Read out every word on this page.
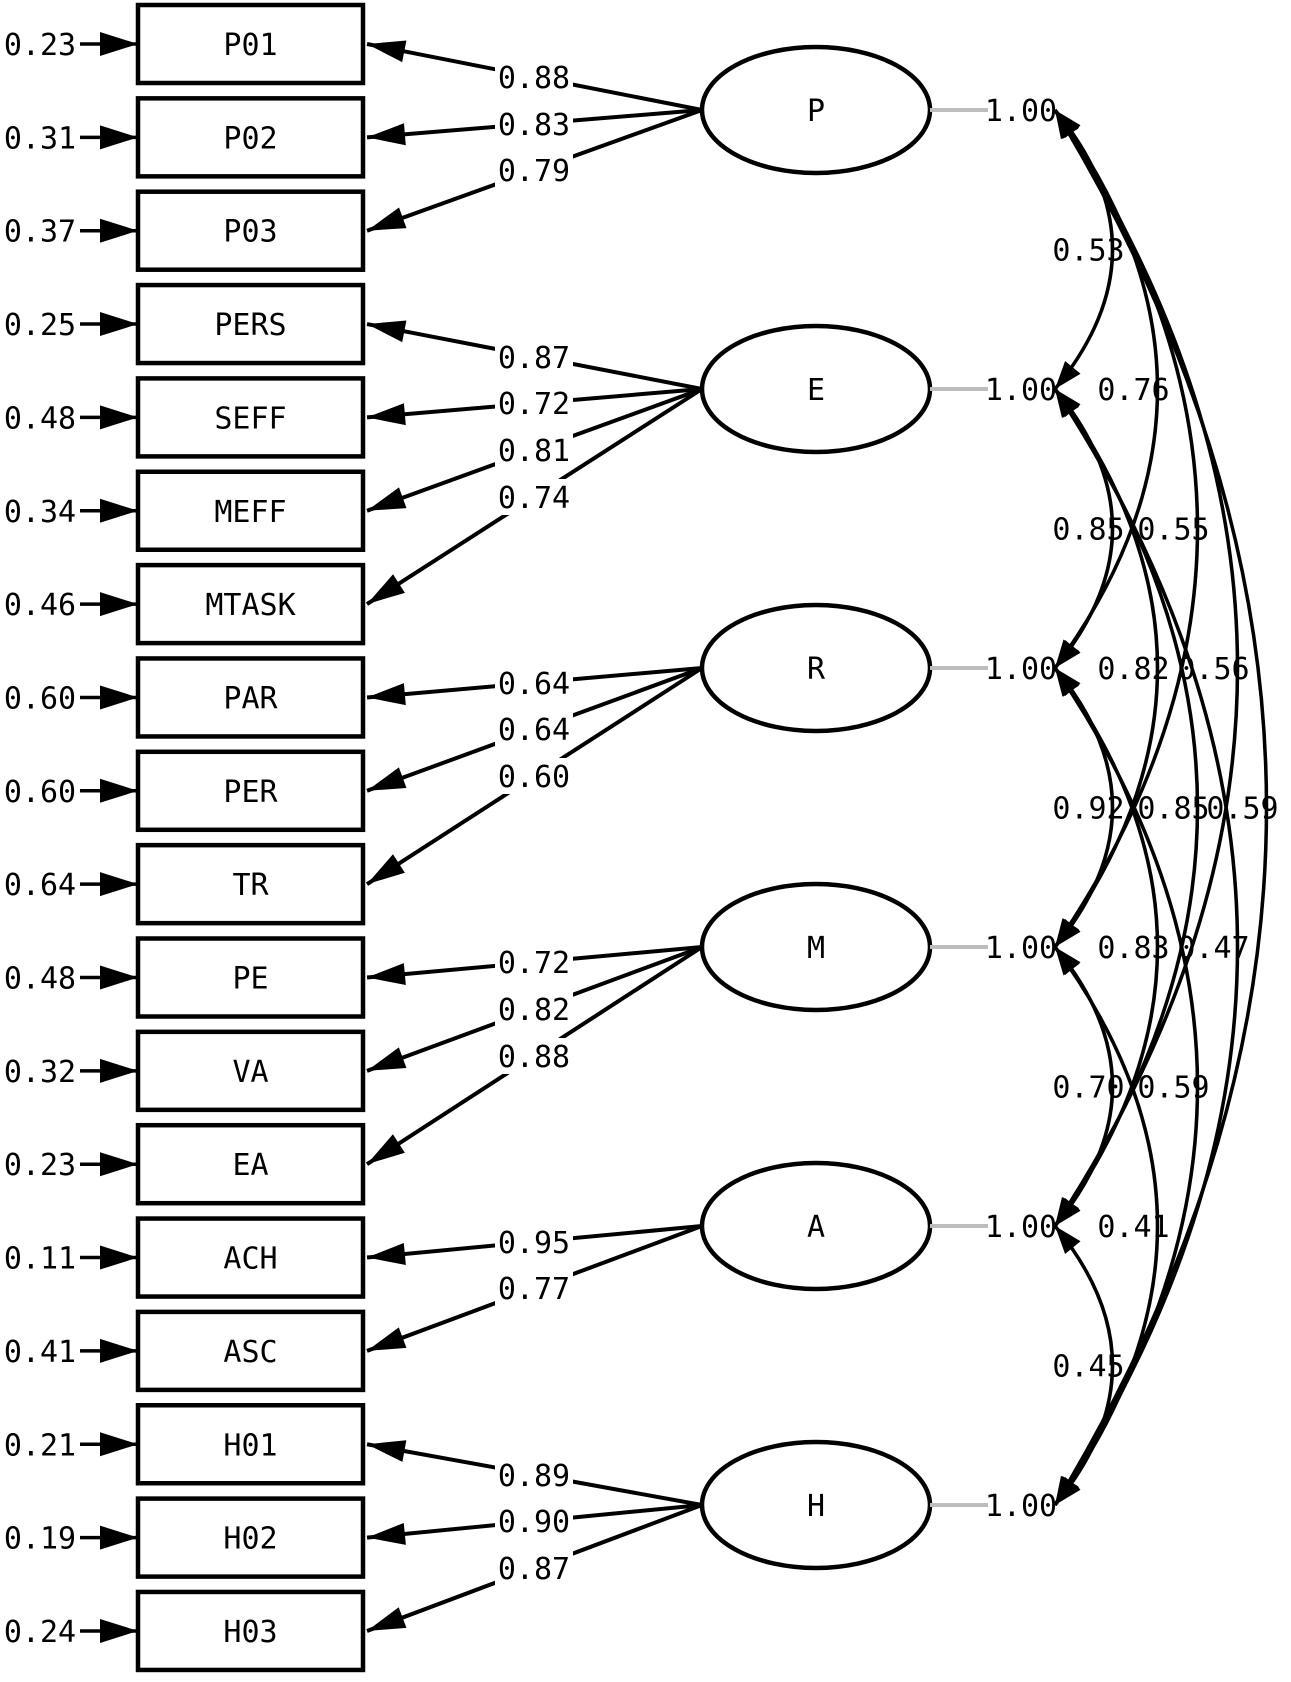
0.23	P01
0.31	P02
0.37	P03
0.25	PERS
0.48	SEFF
0.34	MEFF
0.46	MTASK
0.60	PAR
0.60	PER
0.64	TR
0.48	PE
0.32	VA
0.23	EA
0.11	ACH
0.41	ASC
0.21	H01
0.19	H02
0.24	H03
0.88
0.83
0.79
0.87
0.72
0.81
0.74
0.64
0.64
0.60
0.72
0.82
0.88
0.95
0.77
0.89
0.90
0.87
P	1.00
E	1.00
R	1.00
M	1.00
A	1.00
H	1.00
0.53
0.85
0.92
0.70
0.45
0.76
0.82
0.83
0.41
0.55
0.85
0.59
0.56
0.47
0.59
